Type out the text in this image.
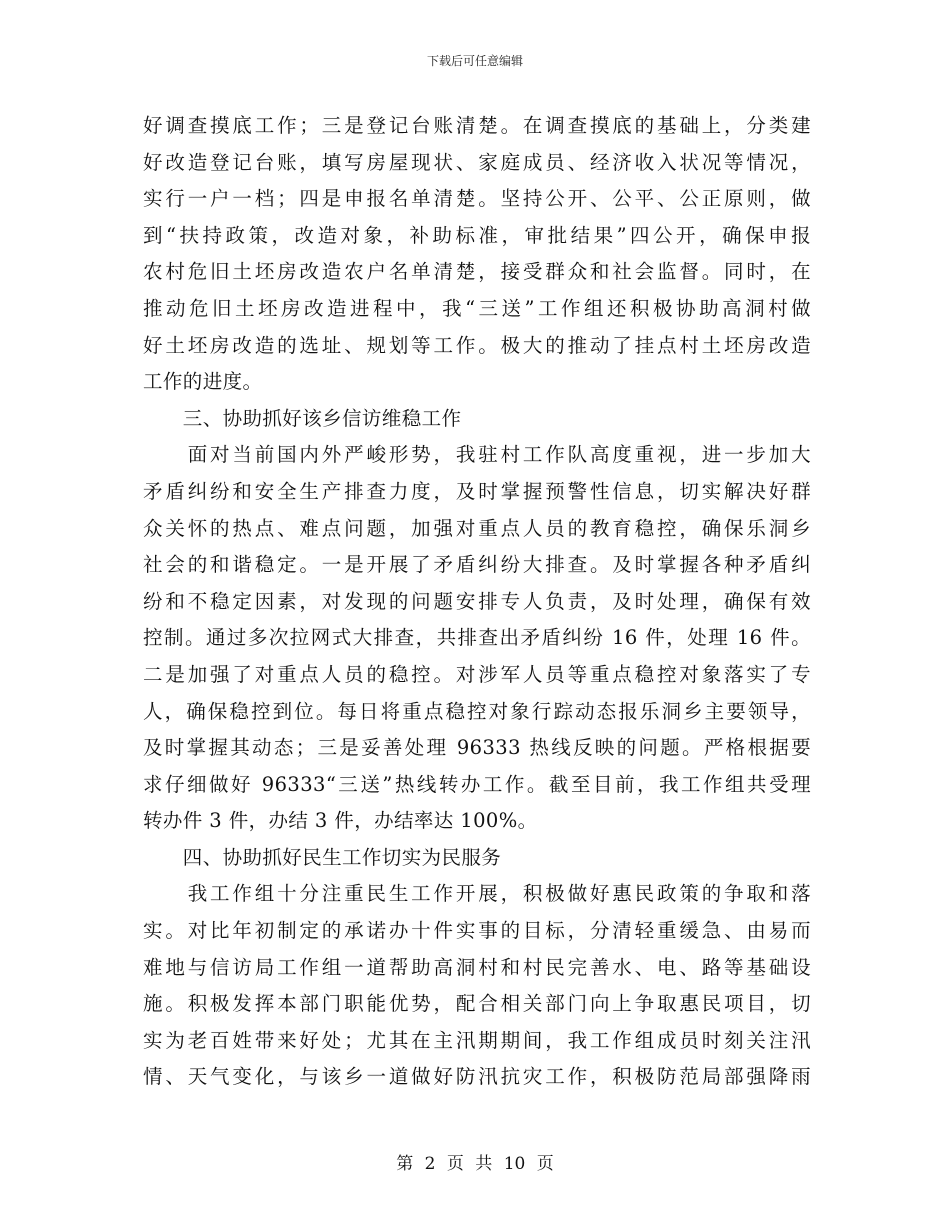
下载后可任意编辑
好调查摸底工作；三是登记台账清楚。在调查摸底的基础上，分类建
好改造登记台账，填写房屋现状、家庭成员、经济收入状况等情况，
实行一户一档；四是申报名单清楚。坚持公开、公平、公正原则，做
到“扶持政策，改造对象，补助标准，审批结果”四公开，确保申报
农村危旧土坯房改造农户名单清楚，接受群众和社会监督。同时，在
推动危旧土坯房改造进程中，我“三送”工作组还积极协助高洞村做
好土坯房改造的选址、规划等工作。极大的推动了挂点村土坯房改造
工作的进度。
　　三、协助抓好该乡信访维稳工作
　　面对当前国内外严峻形势，我驻村工作队高度重视，进一步加大
矛盾纠纷和安全生产排查力度，及时掌握预警性信息，切实解决好群
众关怀的热点、难点问题，加强对重点人员的教育稳控，确保乐洞乡
社会的和谐稳定。一是开展了矛盾纠纷大排查。及时掌握各种矛盾纠
纷和不稳定因素，对发现的问题安排专人负责，及时处理，确保有效
控制。通过多次拉网式大排查，共排查出矛盾纠纷 16 件，处理 16 件。
二是加强了对重点人员的稳控。对涉军人员等重点稳控对象落实了专
人，确保稳控到位。每日将重点稳控对象行踪动态报乐洞乡主要领导，
及时掌握其动态；三是妥善处理 96333 热线反映的问题。严格根据要
求仔细做好 96333“三送”热线转办工作。截至目前，我工作组共受理
转办件 3 件，办结 3 件，办结率达 100%。
　　四、协助抓好民生工作切实为民服务
　　我工作组十分注重民生工作开展，积极做好惠民政策的争取和落
实。对比年初制定的承诺办十件实事的目标，分清轻重缓急、由易而
难地与信访局工作组一道帮助高洞村和村民完善水、电、路等基础设
施。积极发挥本部门职能优势，配合相关部门向上争取惠民项目，切
实为老百姓带来好处；尤其在主汛期期间，我工作组成员时刻关注汛
情、天气变化，与该乡一道做好防汛抗灾工作，积极防范局部强降雨
第 2 页 共 10 页
